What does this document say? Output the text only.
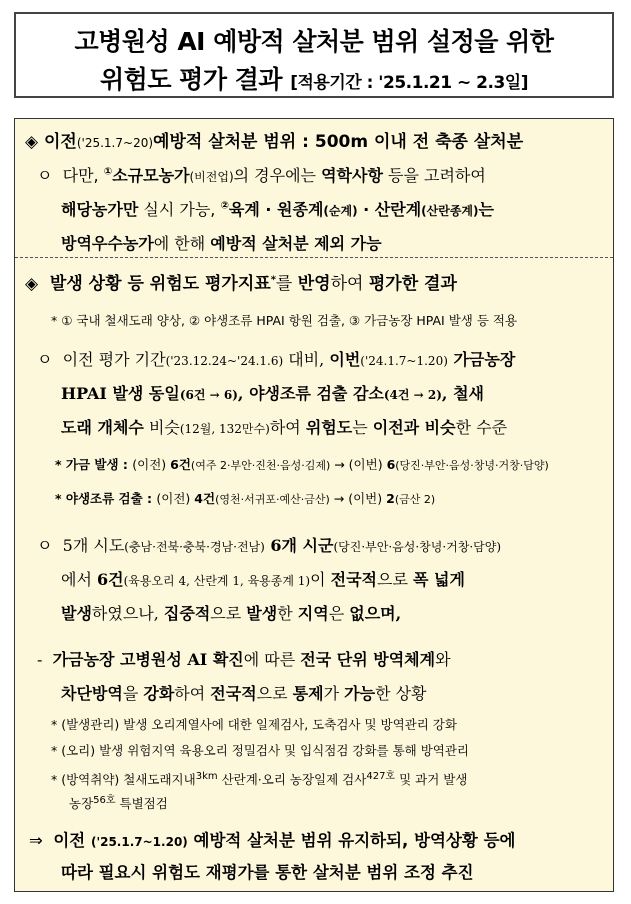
고병원성 AI 예방적 살처분 범위 설정을 위한
위험도 평가 결과 [적용기간 : '25.1.21 ~ 2.3일]
◈ 이전('25.1.7~20)예방적 살처분 범위 : 500m 이내 전 축종 살처분
ㅇ 다만, ①소규모농가(비전업)의 경우에는 역학사항 등을 고려하여
해당농가만 실시 가능, ②육계 · 원종계(순계) · 산란계(산란종계)는
방역우수농가에 한해 예방적 살처분 제외 가능
◈ 발생 상황 등 위험도 평가지표*를 반영하여 평가한 결과
* ① 국내 철새도래 양상, ② 야생조류 HPAI 항원 검출, ③ 가금농장 HPAI 발생 등 적용
ㅇ 이전 평가 기간('23.12.24~'24.1.6) 대비, 이번('24.1.7~1.20) 가금농장
HPAI 발생 동일(6건 → 6), 야생조류 검출 감소(4건 → 2), 철새
도래 개체수 비슷(12월, 132만수)하여 위험도는 이전과 비슷한 수준
* 가금 발생 : (이전) 6건(여주 2·부안·진천·음성·김제) → (이번) 6(당진·부안·음성·창녕·거창·담양)
* 야생조류 검출 : (이전) 4건(영천·서귀포·예산·금산) → (이번) 2(금산 2)
ㅇ 5개 시도(충남·전북·충북·경남·전남) 6개 시군(당진·부안·음성·창녕·거창·담양)
에서 6건(육용오리 4, 산란계 1, 육용종계 1)이 전국적으로 폭 넓게
발생하였으나, 집중적으로 발생한 지역은 없으며,
- 가금농장 고병원성 AI 확진에 따른 전국 단위 방역체계와
차단방역을 강화하여 전국적으로 통제가 가능한 상황
* (발생관리) 발생 오리계열사에 대한 일제검사, 도축검사 및 방역관리 강화
* (오리) 발생 위험지역 육용오리 정밀검사 및 입식점검 강화를 통해 방역관리
* (방역취약) 철새도래지내$^{3km}$ 산란계·오리 농장일제 검사$^{427호}$ 및 과거 발생
농장$^{56호}$ 특별점검
⇒ 이전 ('25.1.7~1.20) 예방적 살처분 범위 유지하되, 방역상황 등에
따라 필요시 위험도 재평가를 통한 살처분 범위 조정 추진
